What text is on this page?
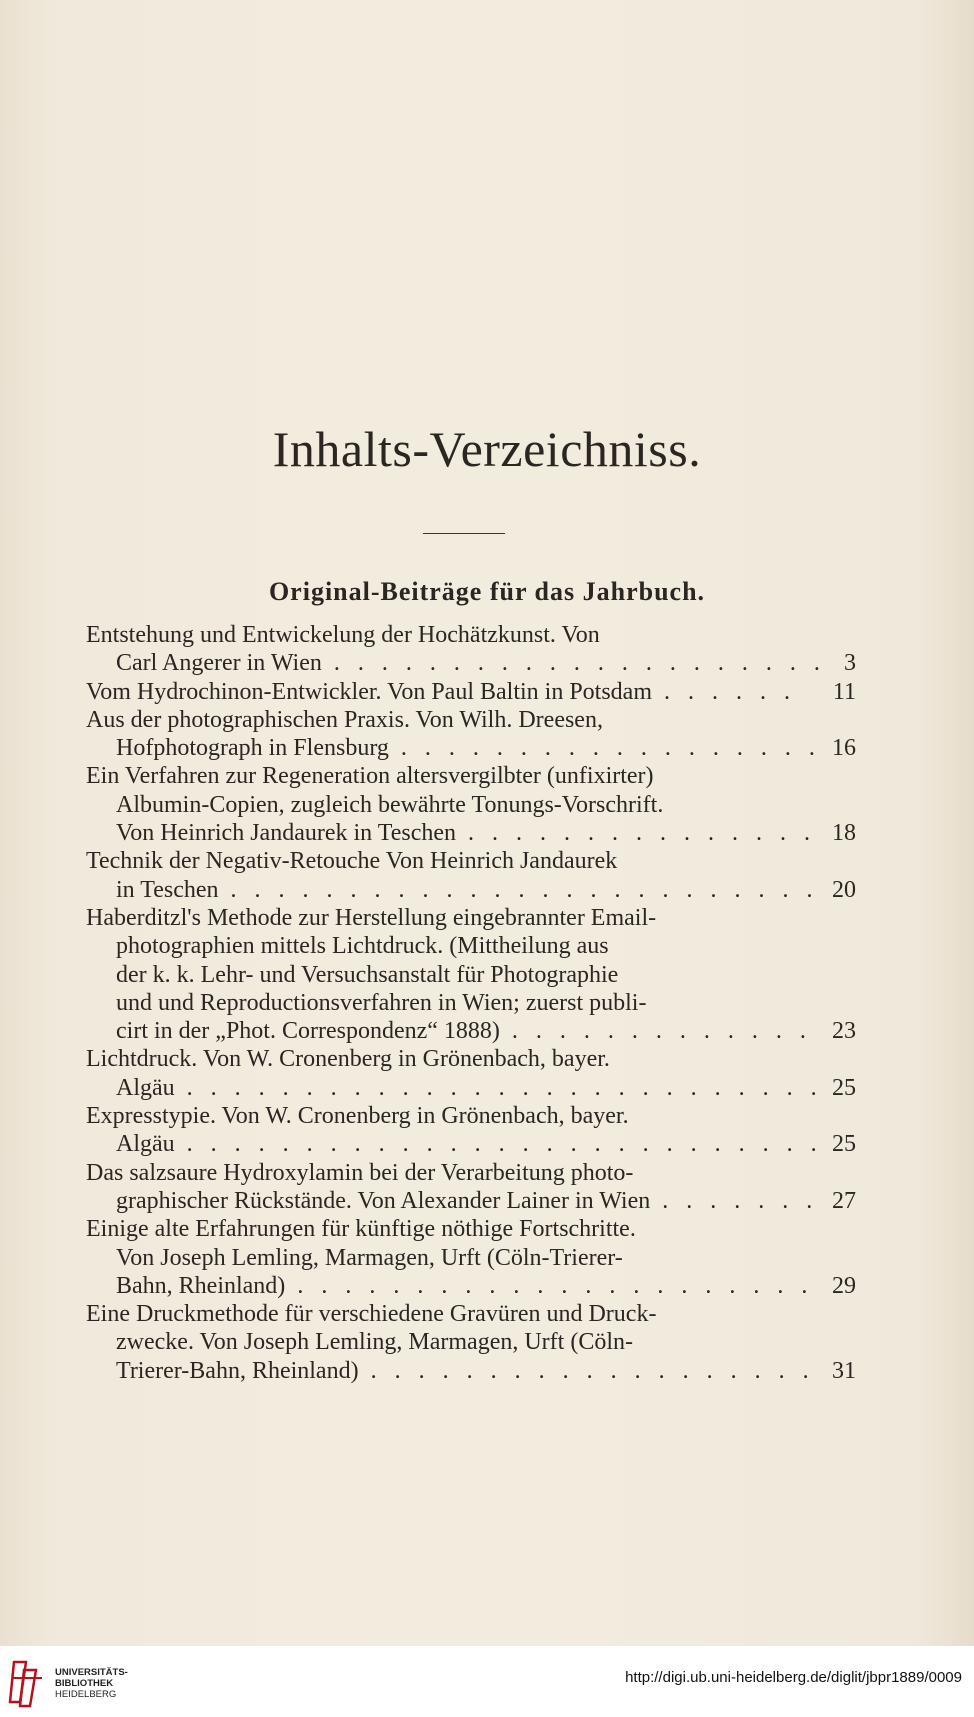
Inhalts-Verzeichniss.
Original-Beiträge für das Jahrbuch.
Entstehung und Entwickelung der Hochätzkunst. Von
Carl Angerer in Wien . . .	3
Vom Hydrochinon-Entwickler. Von Paul Baltin in Potsdam . . .	11
Aus der photographischen Praxis. Von Wilh. Dreesen,
Hofphotograph in Flensburg . . .	16
Ein Verfahren zur Regeneration altersvergilbter (unfixirter)
Albumin-Copien, zugleich bewährte Tonungs-Vorschrift.
Von Heinrich Jandaurek in Teschen . . .	18
Technik der Negativ-Retouche Von Heinrich Jandaurek
in Teschen . . .	20
Haberditzl's Methode zur Herstellung eingebrannter Email-
photographien mittels Lichtdruck. (Mittheilung aus
der k. k. Lehr- und Versuchsanstalt für Photographie
und und Reproductionsverfahren in Wien; zuerst publi-
cirt in der „Phot. Correspondenz“ 1888) . . .	23
Lichtdruck. Von W. Cronenberg in Grönenbach, bayer.
Algäu . . .	25
Expresstypie. Von W. Cronenberg in Grönenbach, bayer.
Algäu . . .	25
Das salzsaure Hydroxylamin bei der Verarbeitung photo-
graphischer Rückstände. Von Alexander Lainer in Wien . . .	27
Einige alte Erfahrungen für künftige nöthige Fortschritte.
Von Joseph Lemling, Marmagen, Urft (Cöln-Trierer-
Bahn, Rheinland) . . .	29
Eine Druckmethode für verschiedene Gravüren und Druck-
zwecke. Von Joseph Lemling, Marmagen, Urft (Cöln-
Trierer-Bahn, Rheinland) . . .	31
UNIVERSITÄTS-
BIBLIOTHEK
HEIDELBERG
http://digi.ub.uni-heidelberg.de/diglit/jbpr1889/0009
